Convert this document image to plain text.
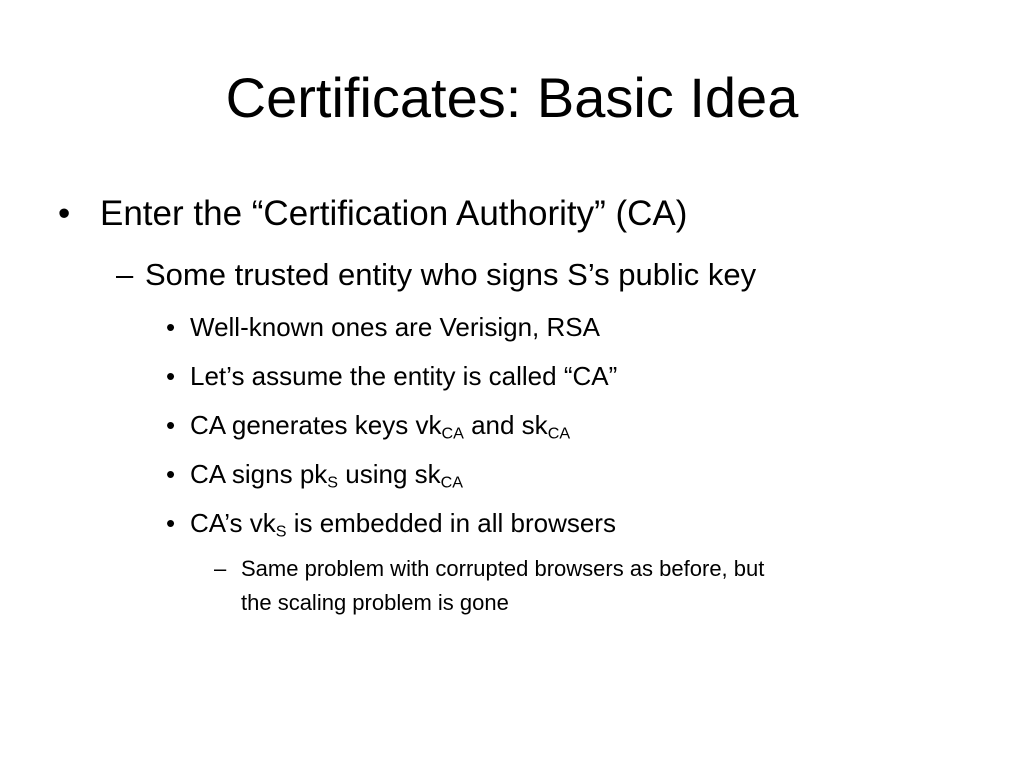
Certificates: Basic Idea
• Enter the “Certification Authority” (CA)
– Some trusted entity who signs S’s public key
• Well-known ones are Verisign, RSA
• Let’s assume the entity is called “CA”
• CA generates keys $vk_{CA}$ and $sk_{CA}$
• CA signs $pk_S$ using $sk_{CA}$
• CA’s $vk_S$ is embedded in all browsers
– Same problem with corrupted browsers as before, but
the scaling problem is gone
